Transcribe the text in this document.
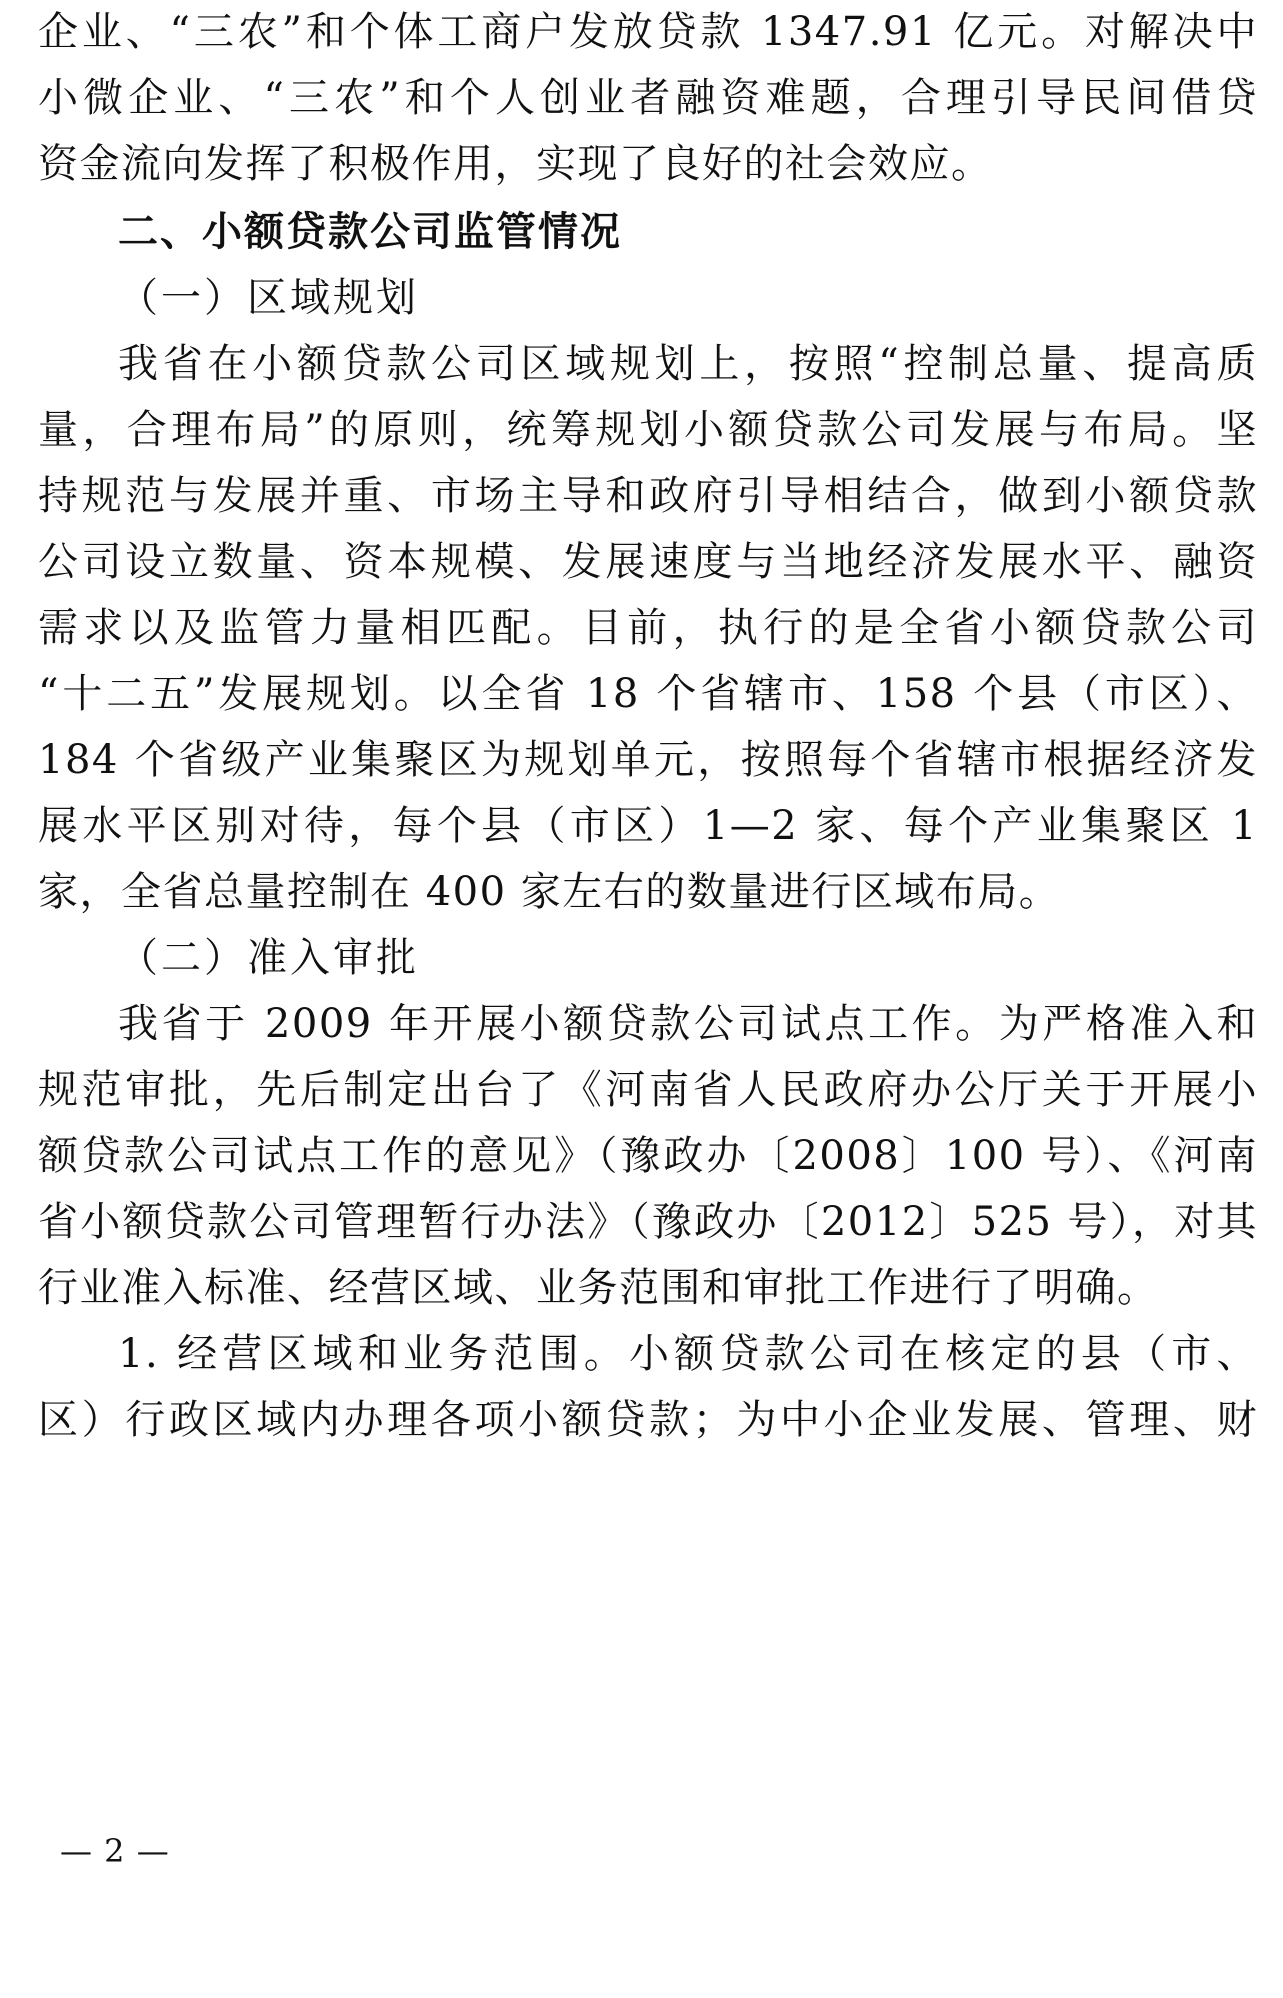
企业、“三农”和个体工商户发放贷款 1347.91 亿元。对解决中
小微企业、“三农”和个人创业者融资难题，合理引导民间借贷
资金流向发挥了积极作用，实现了良好的社会效应。
二、小额贷款公司监管情况
（一）区域规划
我省在小额贷款公司区域规划上，按照“控制总量、提高质
量，合理布局”的原则，统筹规划小额贷款公司发展与布局。坚
持规范与发展并重、市场主导和政府引导相结合，做到小额贷款
公司设立数量、资本规模、发展速度与当地经济发展水平、融资
需求以及监管力量相匹配。目前，执行的是全省小额贷款公司
“十二五”发展规划。以全省 18 个省辖市、158 个县（市区）、
184 个省级产业集聚区为规划单元，按照每个省辖市根据经济发
展水平区别对待，每个县（市区）1—2 家、每个产业集聚区 1
家，全省总量控制在 400 家左右的数量进行区域布局。
（二）准入审批
我省于 2009 年开展小额贷款公司试点工作。为严格准入和
规范审批，先后制定出台了《河南省人民政府办公厅关于开展小
额贷款公司试点工作的意见》（豫政办〔2008〕100 号）、《河南
省小额贷款公司管理暂行办法》（豫政办〔2012〕525 号），对其
行业准入标准、经营区域、业务范围和审批工作进行了明确。
1. 经营区域和业务范围。小额贷款公司在核定的县（市、
区）行政区域内办理各项小额贷款；为中小企业发展、管理、财
— 2 —
